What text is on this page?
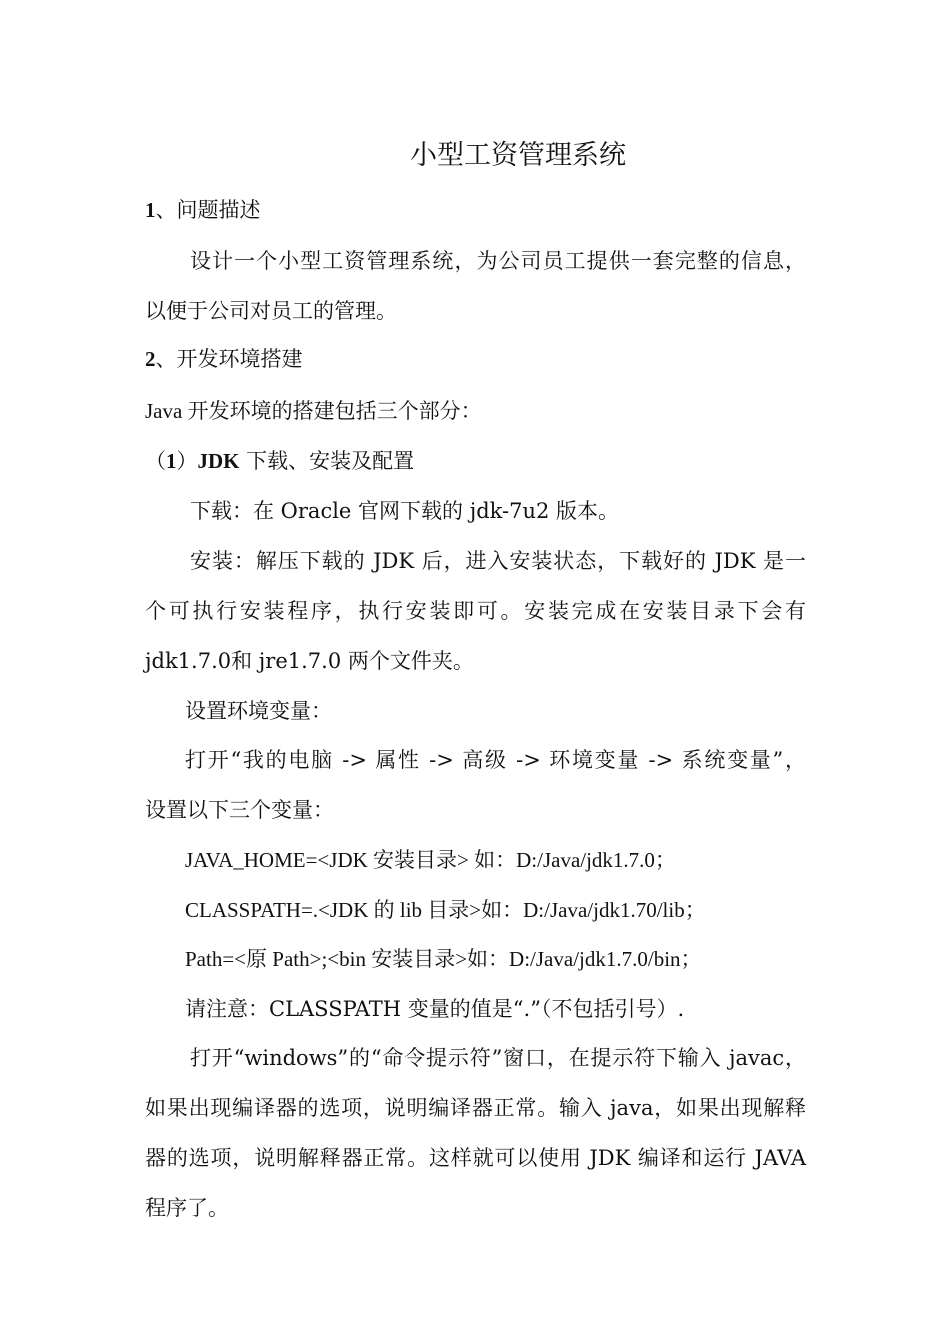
小型工资管理系统
1、问题描述
设计一个小型工资管理系统，为公司员工提供一套完整的信息，
以便于公司对员工的管理。
2、开发环境搭建
Java 开发环境的搭建包括三个部分：
（1）JDK 下载、安装及配置
下载：在 Oracle 官网下载的 jdk-7u2 版本。
安装：解压下载的 JDK 后，进入安装状态，下载好的 JDK 是一
个可执行安装程序，执行安装即可。安装完成在安装目录下会有
jdk1.7.0和 jre1.7.0 两个文件夹。
设置环境变量：
打开“我的电脑 -> 属性 -> 高级 -> 环境变量 -> 系统变量”，
设置以下三个变量：
JAVA_HOME=<JDK 安装目录> 如：D:/Java/jdk1.7.0；
CLASSPATH=.<JDK 的 lib 目录>如：D:/Java/jdk1.70/lib；
Path=<原 Path>;<bin 安装目录>如：D:/Java/jdk1.7.0/bin；
请注意：CLASSPATH 变量的值是“.”（不包括引号）.
打开“windows”的“命令提示符”窗口，在提示符下输入 javac，
如果出现编译器的选项，说明编译器正常。输入 java，如果出现解释
器的选项，说明解释器正常。这样就可以使用 JDK 编译和运行 JAVA
程序了。
